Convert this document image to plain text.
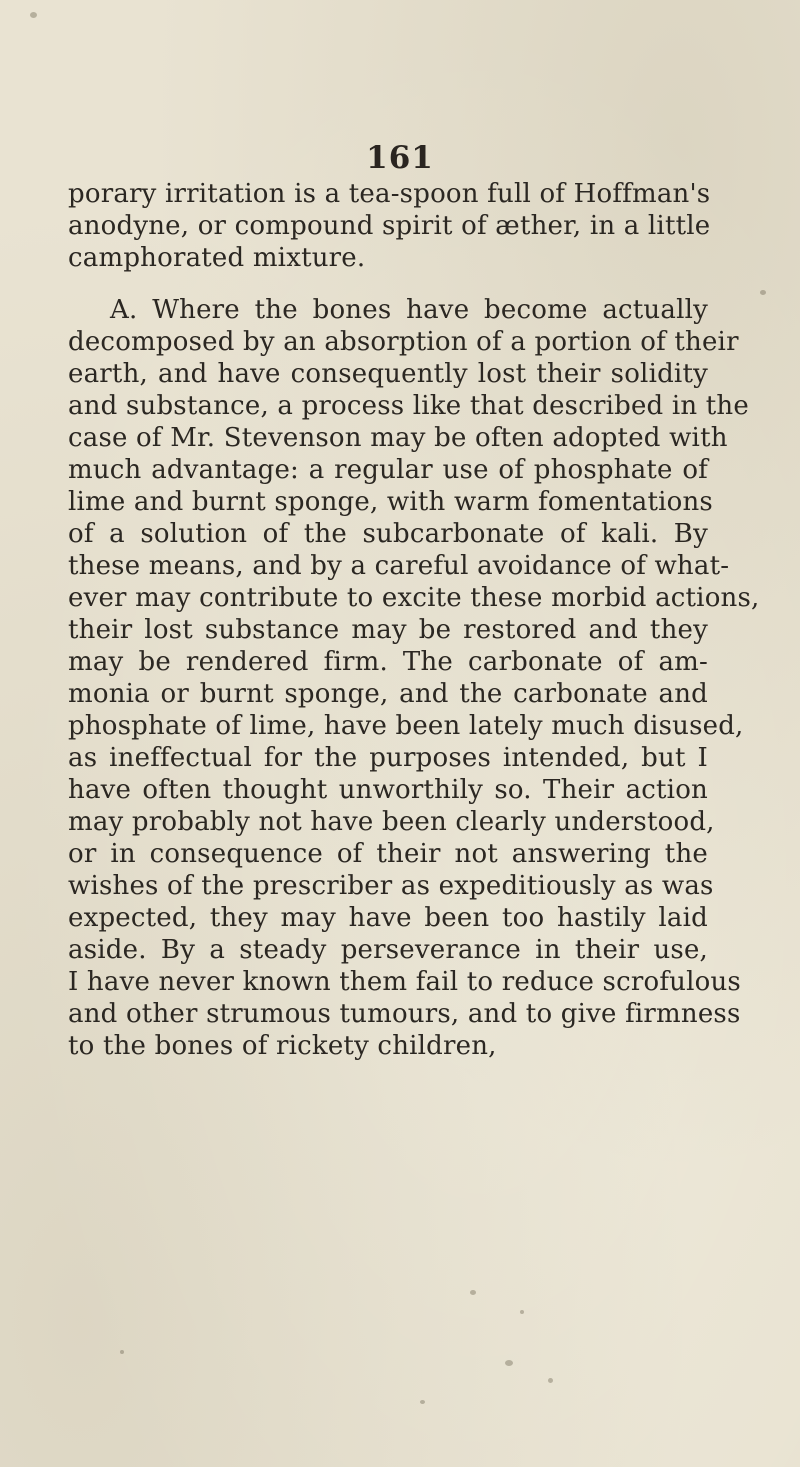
161
porary irritation is a tea-spoon full of Hoffman's
anodyne, or compound spirit of æther, in a little
camphorated mixture.
A. Where the bones have become actually
decomposed by an absorption of a portion of their
earth, and have consequently lost their solidity
and substance, a process like that described in the
case of Mr. Stevenson may be often adopted with
much advantage: a regular use of phosphate of
lime and burnt sponge, with warm fomentations
of a solution of the subcarbonate of kali. By
these means, and by a careful avoidance of what-
ever may contribute to excite these morbid actions,
their lost substance may be restored and they
may be rendered firm. The carbonate of am-
monia or burnt sponge, and the carbonate and
phosphate of lime, have been lately much disused,
as ineffectual for the purposes intended, but I
have often thought unworthily so. Their action
may probably not have been clearly understood,
or in consequence of their not answering the
wishes of the prescriber as expeditiously as was
expected, they may have been too hastily laid
aside. By a steady perseverance in their use,
I have never known them fail to reduce scrofulous
and other strumous tumours, and to give firmness
to the bones of rickety children,
